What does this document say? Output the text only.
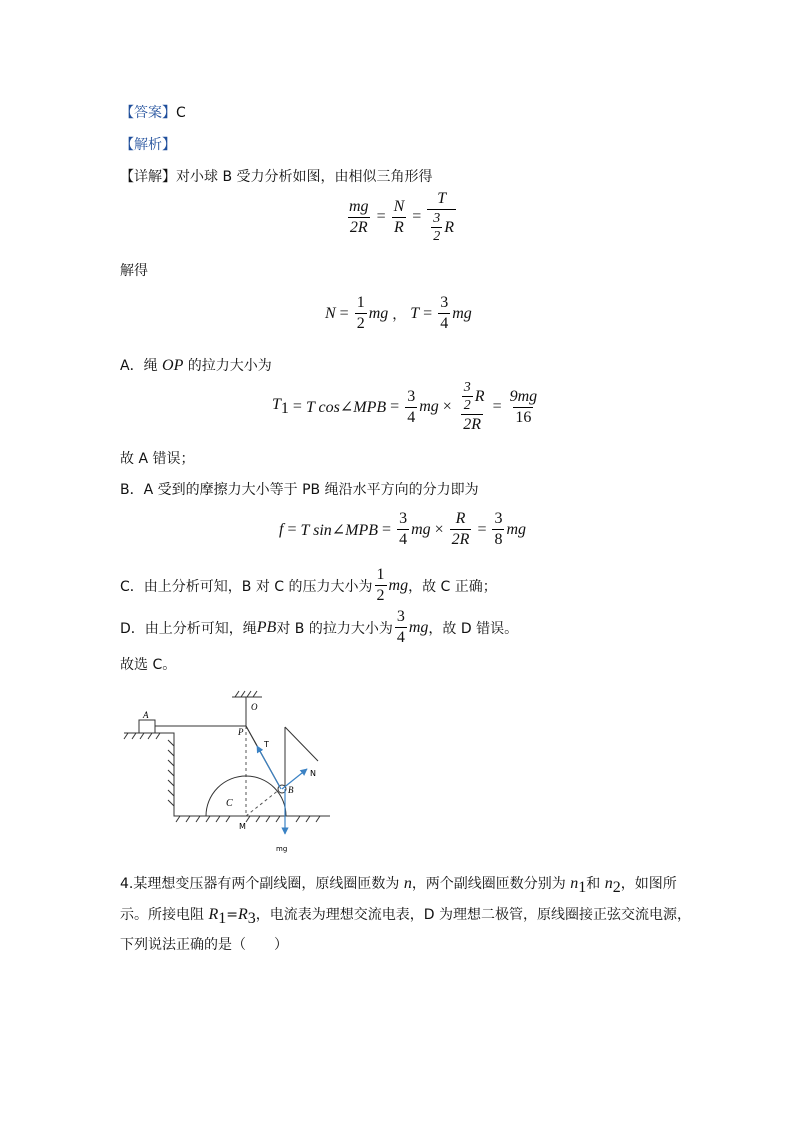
【答案】C
【解析】
【详解】对小球 B 受力分析如图，由相似三角形得
$\frac{mg}{2R} = \frac{N}{R} = \frac{T}{\frac{3}{2} R}$
解得
$N = \frac{1}{2}$ mg ， $T = \frac{3}{4}$ mg
A．绳 OP 的拉力大小为
$T_1 = T$ cos∠MPB = $\frac{3}{4}$ mg × $\frac{\frac{3}{2} R}{2R} = \frac{9mg}{16}$
故 A 错误；
B．A 受到的摩擦力大小等于 PB 绳沿水平方向的分力即为
f = T sin∠MPB = $\frac{3}{4}$ mg × $\frac{R}{2R} = \frac{3}{8}$ mg
C．由上分析可知，B 对 C 的压力大小为 $\frac{1}{2}$ mg ，故 C 正确；
D．由上分析可知，绳 PB 对 B 的拉力大小为 $\frac{3}{4}$ mg ，故 D 错误。
故选 C。
A
O
P
C
M
B
T
N
mg
4.某理想变压器有两个副线圈，原线圈匝数为 n，两个副线圈匝数分别为 $n_1$和 $n_2$，如图所
示。所接电阻 $R_1=R_3$，电流表为理想交流电表，D 为理想二极管，原线圈接正弦交流电源，
下列说法正确的是（　　）
